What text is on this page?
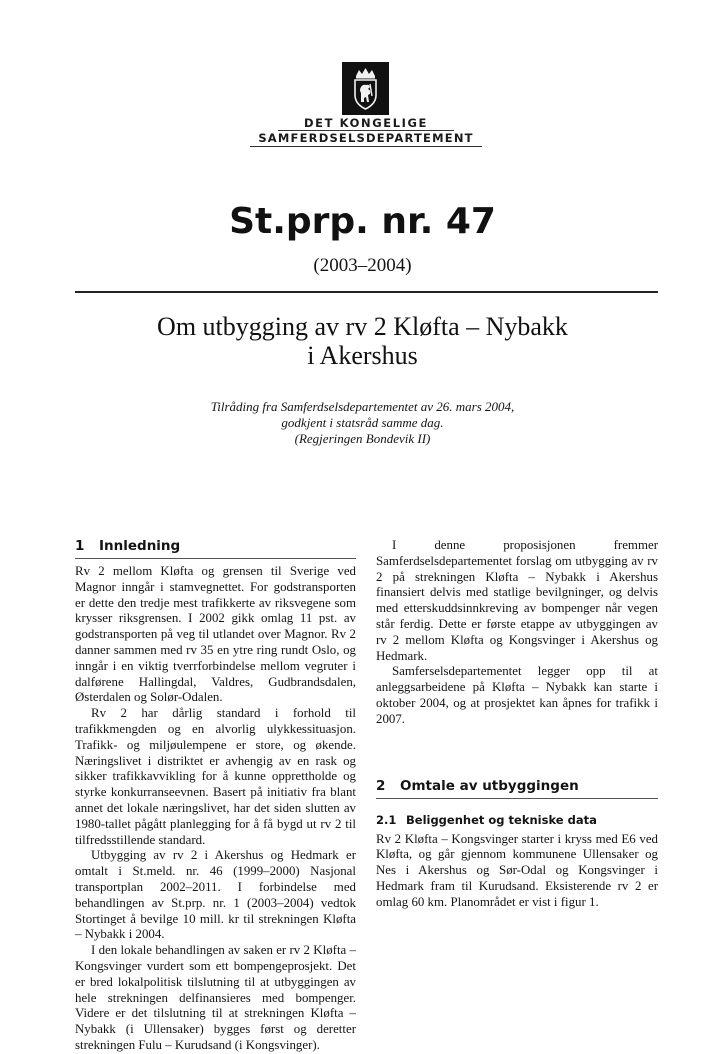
DET KONGELIGE
SAMFERDSELSDEPARTEMENT
St.prp. nr. 47
(2003–2004)
Om utbygging av rv 2 Kløfta – Nybakk
i Akershus
Tilråding fra Samferdselsdepartementet av 26. mars 2004,
godkjent i statsråd samme dag.
(Regjeringen Bondevik II)
1 Innledning

Rv 2 mellom Kløfta og grensen til Sverige ved Magnor inngår i stamvegnettet. For godstransporten er dette den tredje mest trafikkerte av riksvegene som krysser riksgrensen. I 2002 gikk omlag 11 pst. av godstransporten på veg til utlandet over Magnor. Rv 2 danner sammen med rv 35 en ytre ring rundt Oslo, og inngår i en viktig tverrforbindelse mellom vegruter i dalførene Hallingdal, Valdres, Gudbrandsdalen, Østerdalen og Solør-Odalen.

Rv 2 har dårlig standard i forhold til trafikkmengden og en alvorlig ulykkessituasjon. Trafikk- og miljøulempene er store, og økende. Næringslivet i distriktet er avhengig av en rask og sikker trafikkavvikling for å kunne opprettholde og styrke konkurranseevnen. Basert på initiativ fra blant annet det lokale næringslivet, har det siden slutten av 1980-tallet pågått planlegging for å få bygd ut rv 2 til tilfredsstillende standard.

Utbygging av rv 2 i Akershus og Hedmark er omtalt i St.meld. nr. 46 (1999–2000) Nasjonal transportplan 2002–2011. I forbindelse med behandlingen av St.prp. nr. 1 (2003–2004) vedtok Stortinget å bevilge 10 mill. kr til strekningen Kløfta – Nybakk i 2004.

I den lokale behandlingen av saken er rv 2 Kløfta – Kongsvinger vurdert som ett bompengeprosjekt. Det er bred lokalpolitisk tilslutning til at utbyggingen av hele strekningen delfinansieres med bompenger. Videre er det tilslutning til at strekningen Kløfta – Nybakk (i Ullensaker) bygges først og deretter strekningen Fulu – Kurudsand (i Kongsvinger).

I denne proposisjonen fremmer Samferdselsdepartementet forslag om utbygging av rv 2 på strekningen Kløfta – Nybakk i Akershus finansiert delvis med statlige bevilgninger, og delvis med etterskuddsinnkreving av bompenger når vegen står ferdig. Dette er første etappe av utbyggingen av rv 2 mellom Kløfta og Kongsvinger i Akershus og Hedmark.

Samferselsdepartementet legger opp til at anleggsarbeidene på Kløfta – Nybakk kan starte i oktober 2004, og at prosjektet kan åpnes for trafikk i 2007.

2 Omtale av utbyggingen
2.1 Beliggenhet og tekniske data

Rv 2 Kløfta – Kongsvinger starter i kryss med E6 ved Kløfta, og går gjennom kommunene Ullensaker og Nes i Akershus og Sør-Odal og Kongsvinger i Hedmark fram til Kurudsand. Eksisterende rv 2 er omlag 60 km. Planområdet er vist i figur 1.
